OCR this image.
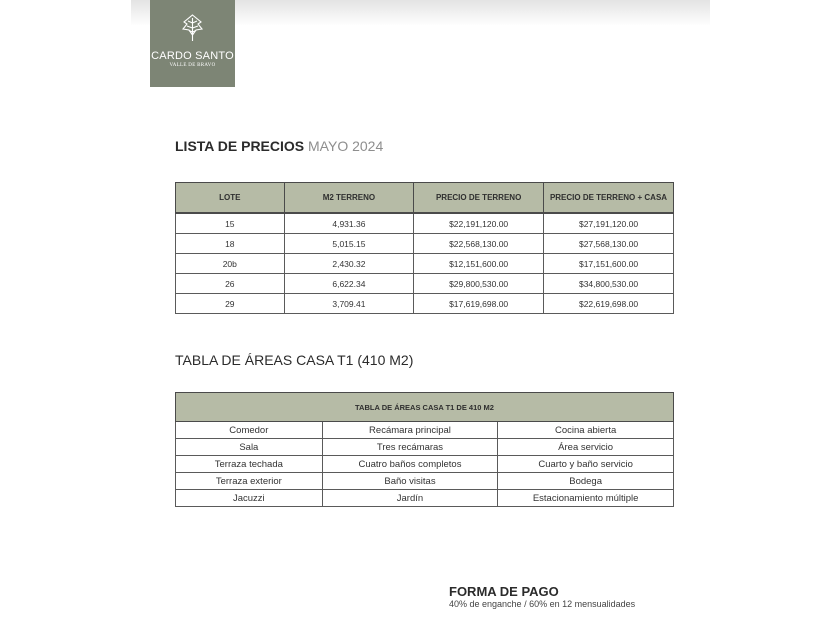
CARDO SANTO
VALLE DE BRAVO
LISTA DE PRECIOS MAYO 2024
LOTE	M2 TERRENO	PRECIO DE TERRENO	PRECIO DE TERRENO + CASA
15	4,931.36	$22,191,120.00	$27,191,120.00
18	5,015.15	$22,568,130.00	$27,568,130.00
20b	2,430.32	$12,151,600.00	$17,151,600.00
26	6,622.34	$29,800,530.00	$34,800,530.00
29	3,709.41	$17,619,698.00	$22,619,698.00
TABLA DE ÁREAS CASA T1 (410 M2)
TABLA DE ÁREAS CASA T1 DE 410 M2		
Comedor	Recámara principal	Cocina abierta
Sala	Tres recámaras	Área servicio
Terraza techada	Cuatro baños completos	Cuarto y baño servicio
Terraza exterior	Baño visitas	Bodega
Jacuzzi	Jardín	Estacionamiento múltiple
FORMA DE PAGO
40% de enganche / 60% en 12 mensualidades
